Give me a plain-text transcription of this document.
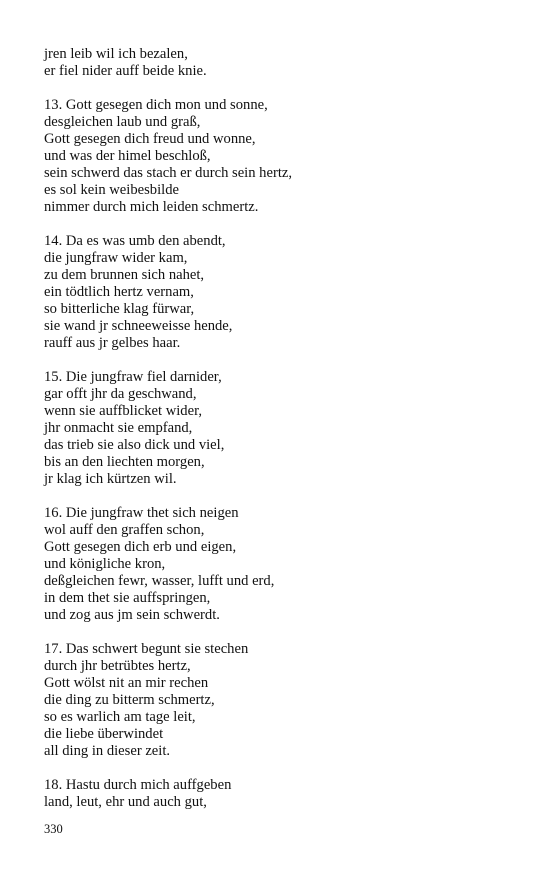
jren leib wil ich bezalen,
er fiel nider auff beide knie.
13. Gott gesegen dich mon und sonne,
desgleichen laub und graß,
Gott gesegen dich freud und wonne,
und was der himel beschloß,
sein schwerd das stach er durch sein hertz,
es sol kein weibesbilde
nimmer durch mich leiden schmertz.
14. Da es was umb den abendt,
die jungfraw wider kam,
zu dem brunnen sich nahet,
ein tödtlich hertz vernam,
so bitterliche klag fürwar,
sie wand jr schneeweisse hende,
rauff aus jr gelbes haar.
15. Die jungfraw fiel darnider,
gar offt jhr da geschwand,
wenn sie auffblicket wider,
jhr onmacht sie empfand,
das trieb sie also dick und viel,
bis an den liechten morgen,
jr klag ich kürtzen wil.
16. Die jungfraw thet sich neigen
wol auff den graffen schon,
Gott gesegen dich erb und eigen,
und königliche kron,
deßgleichen fewr, wasser, lufft und erd,
in dem thet sie auffspringen,
und zog aus jm sein schwerdt.
17. Das schwert begunt sie stechen
durch jhr betrübtes hertz,
Gott wölst nit an mir rechen
die ding zu bitterm schmertz,
so es warlich am tage leit,
die liebe überwindet
all ding in dieser zeit.
18. Hastu durch mich auffgeben
land, leut, ehr und auch gut,
330
